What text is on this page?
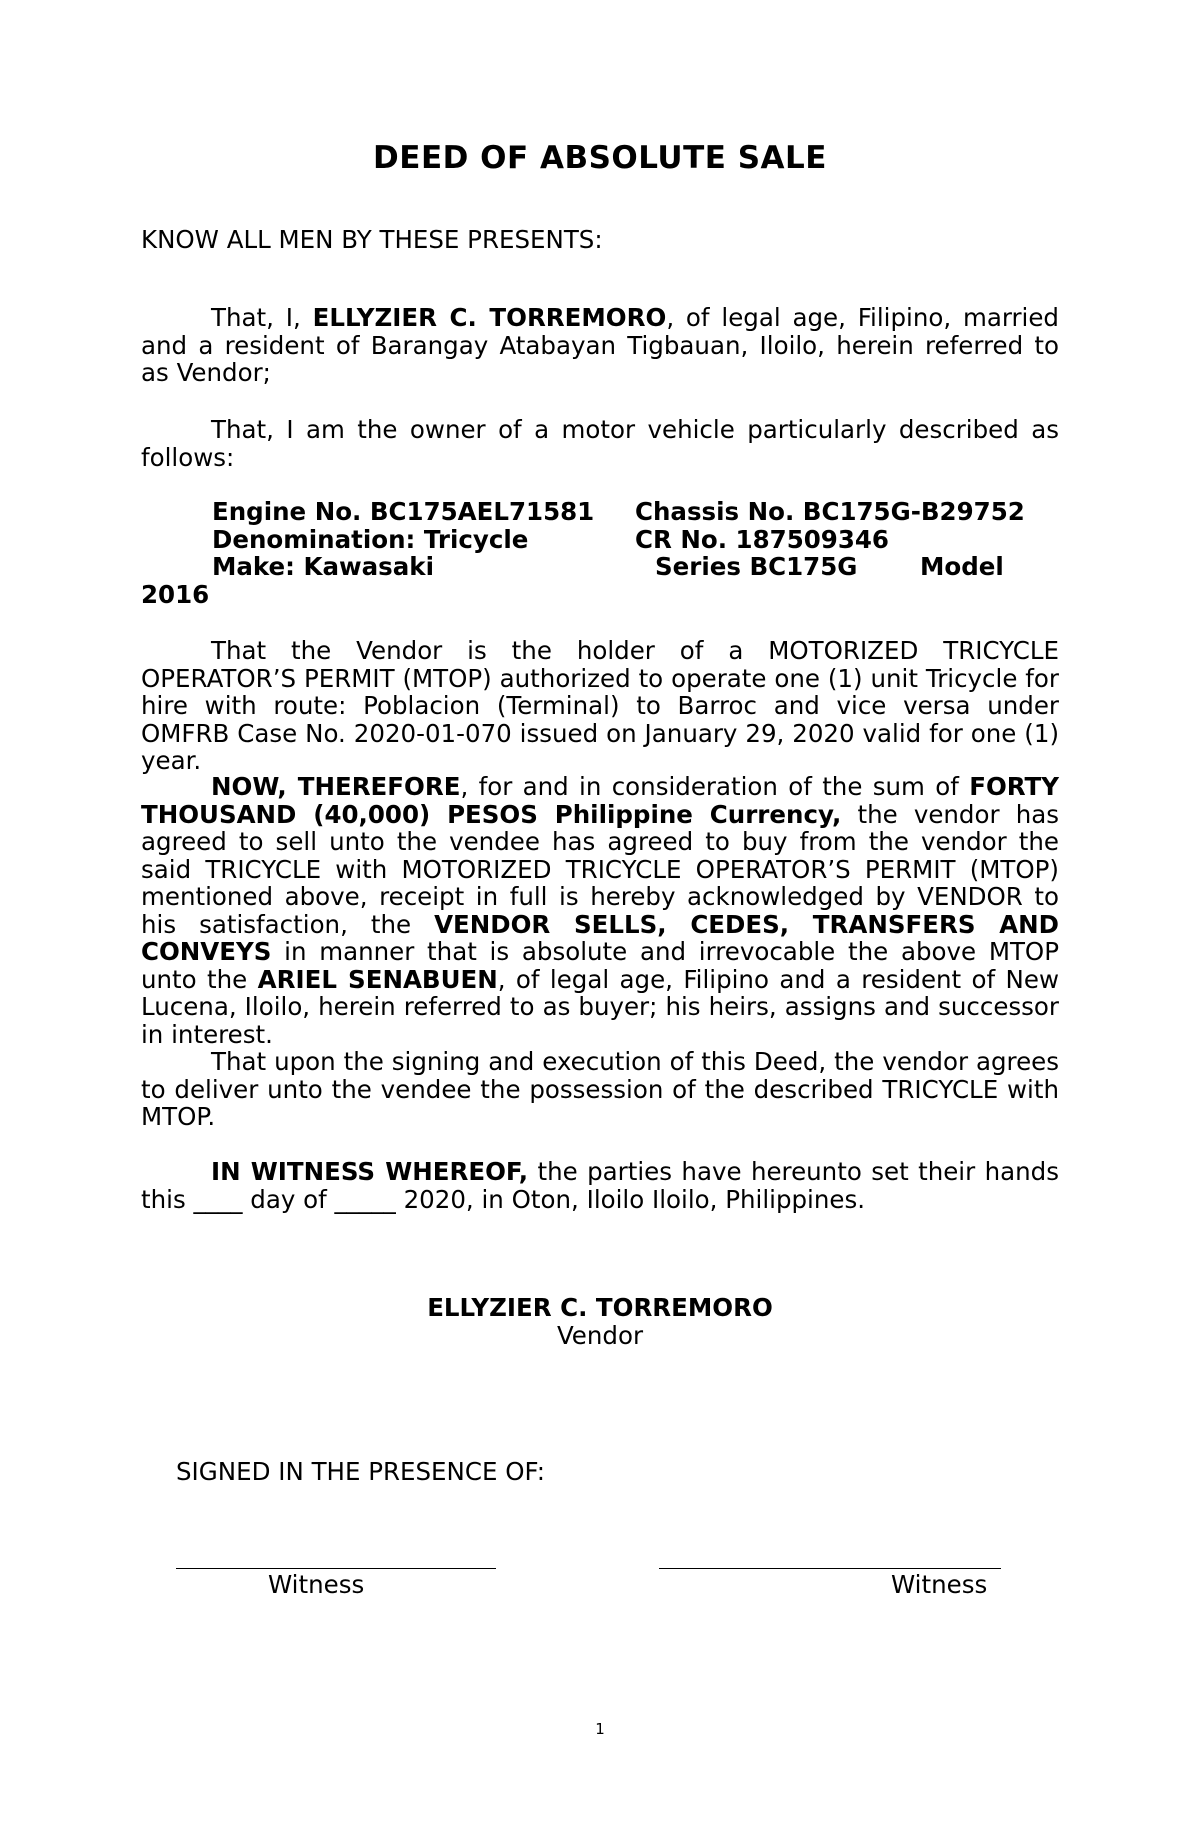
DEED OF ABSOLUTE SALE
KNOW ALL MEN BY THESE PRESENTS:
That, I, ELLYZIER C. TORREMORO, of legal age, Filipino, married and a resident of Barangay Atabayan Tigbauan, Iloilo, herein referred to as Vendor;
That, I am the owner of a motor vehicle particularly described as follows:
Engine No. BC175AEL71581 Chassis No. BC175G-B29752
Denomination: Tricycle	CR No. 187509346
Make: Kawasaki	Series BC175G	Model
2016
That the Vendor is the holder of a MOTORIZED TRICYCLE OPERATOR’S PERMIT (MTOP) authorized to operate one (1) unit Tricycle for hire with route: Poblacion (Terminal) to Barroc and vice versa under OMFRB Case No. 2020-01-070 issued on January 29, 2020 valid for one (1) year.
NOW, THEREFORE, for and in consideration of the sum of FORTY THOUSAND (40,000) PESOS Philippine Currency, the vendor has agreed to sell unto the vendee has agreed to buy from the vendor the said TRICYCLE with MOTORIZED TRICYCLE OPERATOR’S PERMIT (MTOP) mentioned above, receipt in full is hereby acknowledged by VENDOR to his satisfaction, the VENDOR SELLS, CEDES, TRANSFERS AND CONVEYS in manner that is absolute and irrevocable the above MTOP unto the ARIEL SENABUEN, of legal age, Filipino and a resident of New Lucena, Iloilo, herein referred to as buyer; his heirs, assigns and successor in interest.
That upon the signing and execution of this Deed, the vendor agrees to deliver unto the vendee the possession of the described TRICYCLE with MTOP.
IN WITNESS WHEREOF, the parties have hereunto set their hands this ____ day of _____ 2020, in Oton, Iloilo Iloilo, Philippines.
ELLYZIER C. TORREMORO
Vendor
SIGNED IN THE PRESENCE OF:
Witness	Witness
1
